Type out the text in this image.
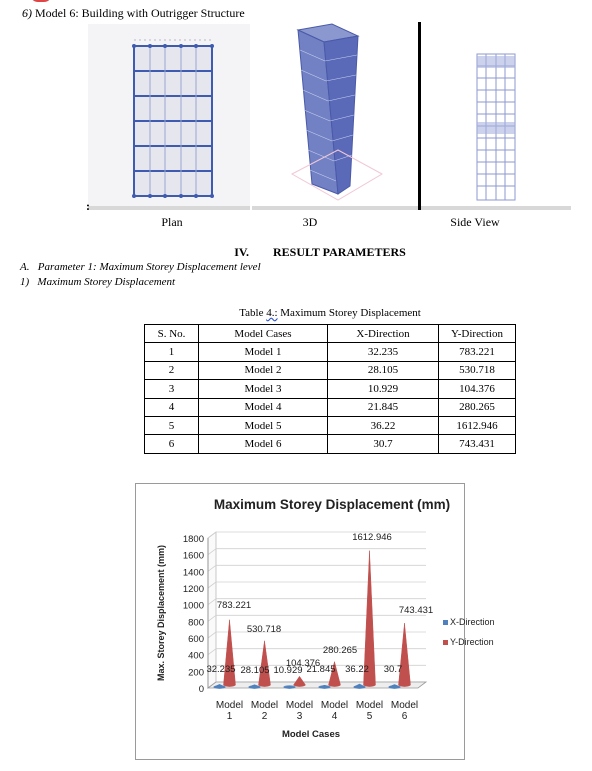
6) Model 6: Building with Outrigger Structure
:
Plan	3D	Side View
IV. RESULT PARAMETERS
A. Parameter 1: Maximum Storey Displacement level
1) Maximum Storey Displacement
Table 4.: Maximum Storey Displacement
S. No.	Model Cases	X-Direction	Y-Direction
1	Model 1	32.235	783.221
2	Model 2	28.105	530.718
3	Model 3	10.929	104.376
4	Model 4	21.845	280.265
5	Model 5	36.22	1612.946
6	Model 6	30.7	743.431
Maximum Storey Displacement (mm)
0
200
400
600
800
1000
1200
1400
1600
1800
Max. Storey Displacement (mm)
Model
1
Model
2
Model
3
Model
4
Model
5
Model
6
783.221
530.718
104.376
280.265
1612.946
743.431
32.235 28.105 10.929 21.845 36.22 30.7
Model Cases
X-Direction
Y-Direction
